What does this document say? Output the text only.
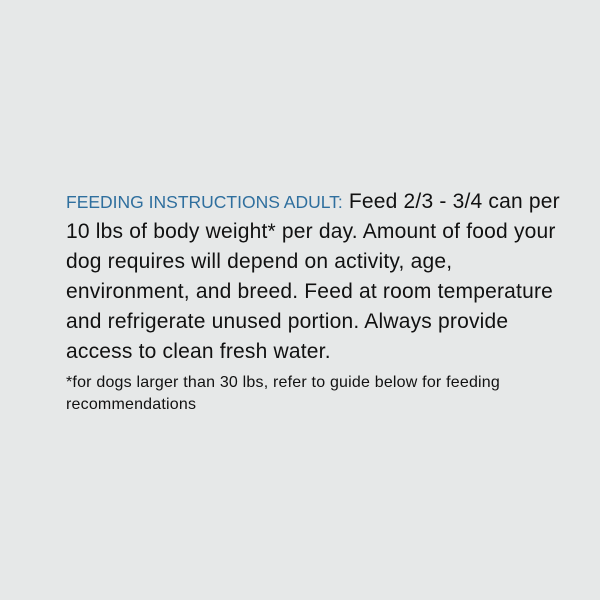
FEEDING INSTRUCTIONS ADULT: Feed 2/3 - 3/4 can per 10 lbs of body weight* per day. Amount of food your dog requires will depend on activity, age, environment, and breed. Feed at room temperature and refrigerate unused portion. Always provide access to clean fresh water.

*for dogs larger than 30 lbs, refer to guide below for feeding recommendations
